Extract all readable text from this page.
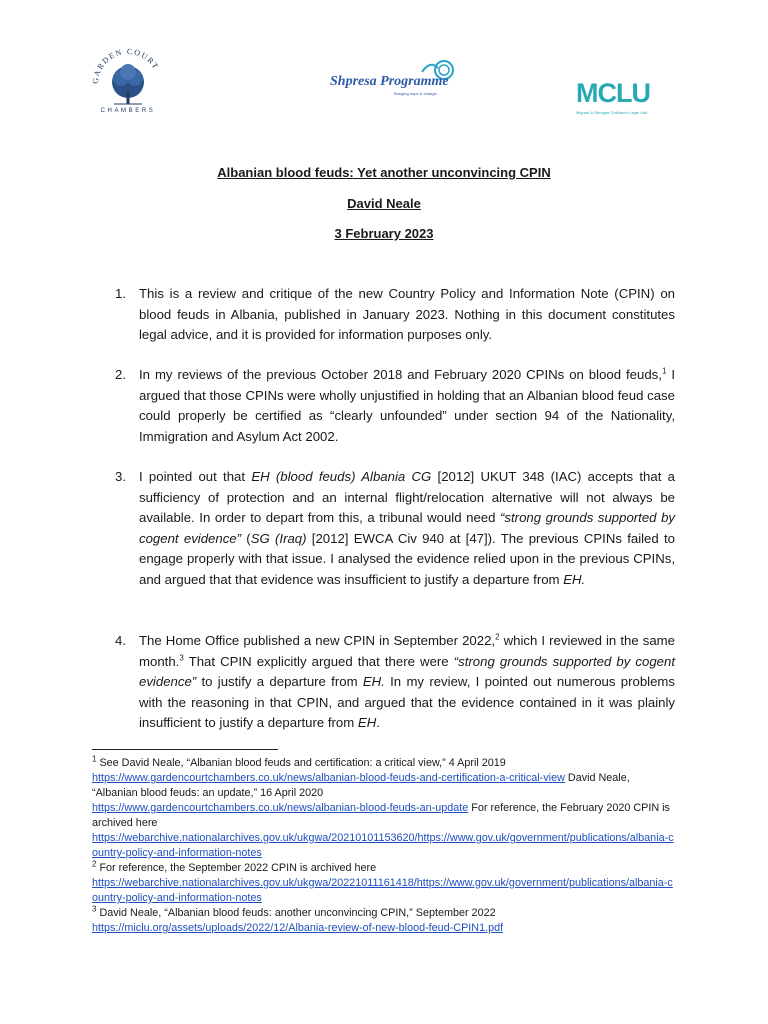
GARDEN COURT
CHAMBERS
Shpresa Programme
Bringing hope & change	MCLU
Migrant & Refugee Children's Legal Unit
Albanian blood feuds: Yet another unconvincing CPIN
David Neale
3 February 2023
1. This is a review and critique of the new Country Policy and Information Note (CPIN) on blood feuds in Albania, published in January 2023. Nothing in this document constitutes legal advice, and it is provided for information purposes only.
2. In my reviews of the previous October 2018 and February 2020 CPINs on blood feuds,$^1$ I argued that those CPINs were wholly unjustified in holding that an Albanian blood feud case could properly be certified as “clearly unfounded” under section 94 of the Nationality, Immigration and Asylum Act 2002.
3. I pointed out that EH (blood feuds) Albania CG [2012] UKUT 348 (IAC) accepts that a sufficiency of protection and an internal flight/relocation alternative will not always be available. In order to depart from this, a tribunal would need “strong grounds supported by cogent evidence” (SG (Iraq) [2012] EWCA Civ 940 at [47]). The previous CPINs failed to engage properly with that issue. I analysed the evidence relied upon in the previous CPINs, and argued that that evidence was insufficient to justify a departure from EH.
4. The Home Office published a new CPIN in September 2022,$^2$ which I reviewed in the same month.$^3$ That CPIN explicitly argued that there were “strong grounds supported by cogent evidence” to justify a departure from EH. In my review, I pointed out numerous problems with the reasoning in that CPIN, and argued that the evidence contained in it was plainly insufficient to justify a departure from EH.
$^1$ See David Neale, “Albanian blood feuds and certification: a critical view,” 4 April 2019
https://www.gardencourtchambers.co.uk/news/albanian-blood-feuds-and-certification-a-critical-view David Neale, “Albanian blood feuds: an update,” 16 April 2020
https://www.gardencourtchambers.co.uk/news/albanian-blood-feuds-an-update For reference, the February 2020 CPIN is archived here
https://webarchive.nationalarchives.gov.uk/ukgwa/20210101153620/https://www.gov.uk/government/publications/albania-country-policy-and-information-notes
$^2$ For reference, the September 2022 CPIN is archived here
https://webarchive.nationalarchives.gov.uk/ukgwa/20221011161418/https://www.gov.uk/government/publications/albania-country-policy-and-information-notes
$^3$ David Neale, “Albanian blood feuds: another unconvincing CPIN,” September 2022
https://miclu.org/assets/uploads/2022/12/Albania-review-of-new-blood-feud-CPIN1.pdf
